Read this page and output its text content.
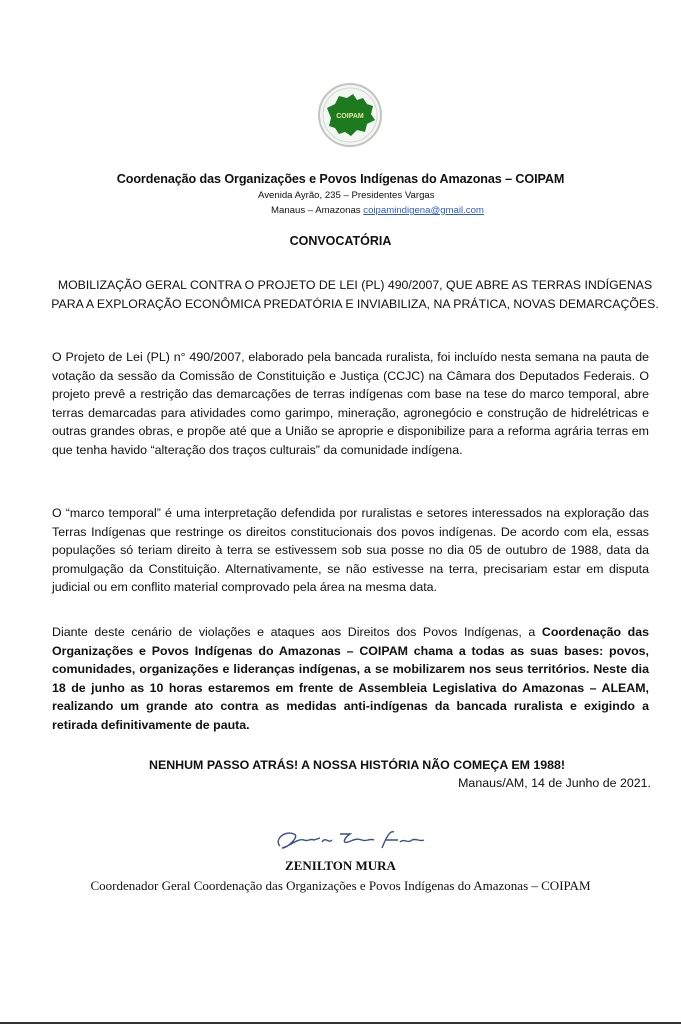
COIPAM
Coordenação das Organizações e Povos Indígenas do Amazonas – COIPAM
Avenida Ayrão, 235 – Presidentes Vargas
Manaus – Amazonas coipamindigena@gmail.com
CONVOCATÓRIA
MOBILIZAÇÃO GERAL CONTRA O PROJETO DE LEI (PL) 490/2007, QUE ABRE AS TERRAS INDÍGENAS PARA A EXPLORAÇÃO ECONÔMICA PREDATÓRIA E INVIABILIZA, NA PRÁTICA, NOVAS DEMARCAÇÕES.
O Projeto de Lei (PL) n° 490/2007, elaborado pela bancada ruralista, foi incluído nesta semana na pauta de votação da sessão da Comissão de Constituição e Justiça (CCJC) na Câmara dos Deputados Federais. O projeto prevê a restrição das demarcações de terras indígenas com base na tese do marco temporal, abre terras demarcadas para atividades como garimpo, mineração, agronegócio e construção de hidrelétricas e outras grandes obras, e propõe até que a União se aproprie e disponibilize para a reforma agrária terras em que tenha havido “alteração dos traços culturais” da comunidade indígena.
O “marco temporal” é uma interpretação defendida por ruralistas e setores interessados na exploração das Terras Indígenas que restringe os direitos constitucionais dos povos indígenas. De acordo com ela, essas populações só teriam direito à terra se estivessem sob sua posse no dia 05 de outubro de 1988, data da promulgação da Constituição. Alternativamente, se não estivesse na terra, precisariam estar em disputa judicial ou em conflito material comprovado pela área na mesma data.
Diante deste cenário de violações e ataques aos Direitos dos Povos Indígenas, a Coordenação das Organizações e Povos Indígenas do Amazonas – COIPAM chama a todas as suas bases: povos, comunidades, organizações e lideranças indígenas, a se mobilizarem nos seus territórios. Neste dia 18 de junho as 10 horas estaremos em frente de Assembleia Legislativa do Amazonas – ALEAM, realizando um grande ato contra as medidas anti-indígenas da bancada ruralista e exigindo a retirada definitivamente de pauta.
NENHUM PASSO ATRÁS! A NOSSA HISTÓRIA NÃO COMEÇA EM 1988!
Manaus/AM, 14 de Junho de 2021.
ZENILTON MURA
Coordenador Geral Coordenação das Organizações e Povos Indígenas do Amazonas – COIPAM
